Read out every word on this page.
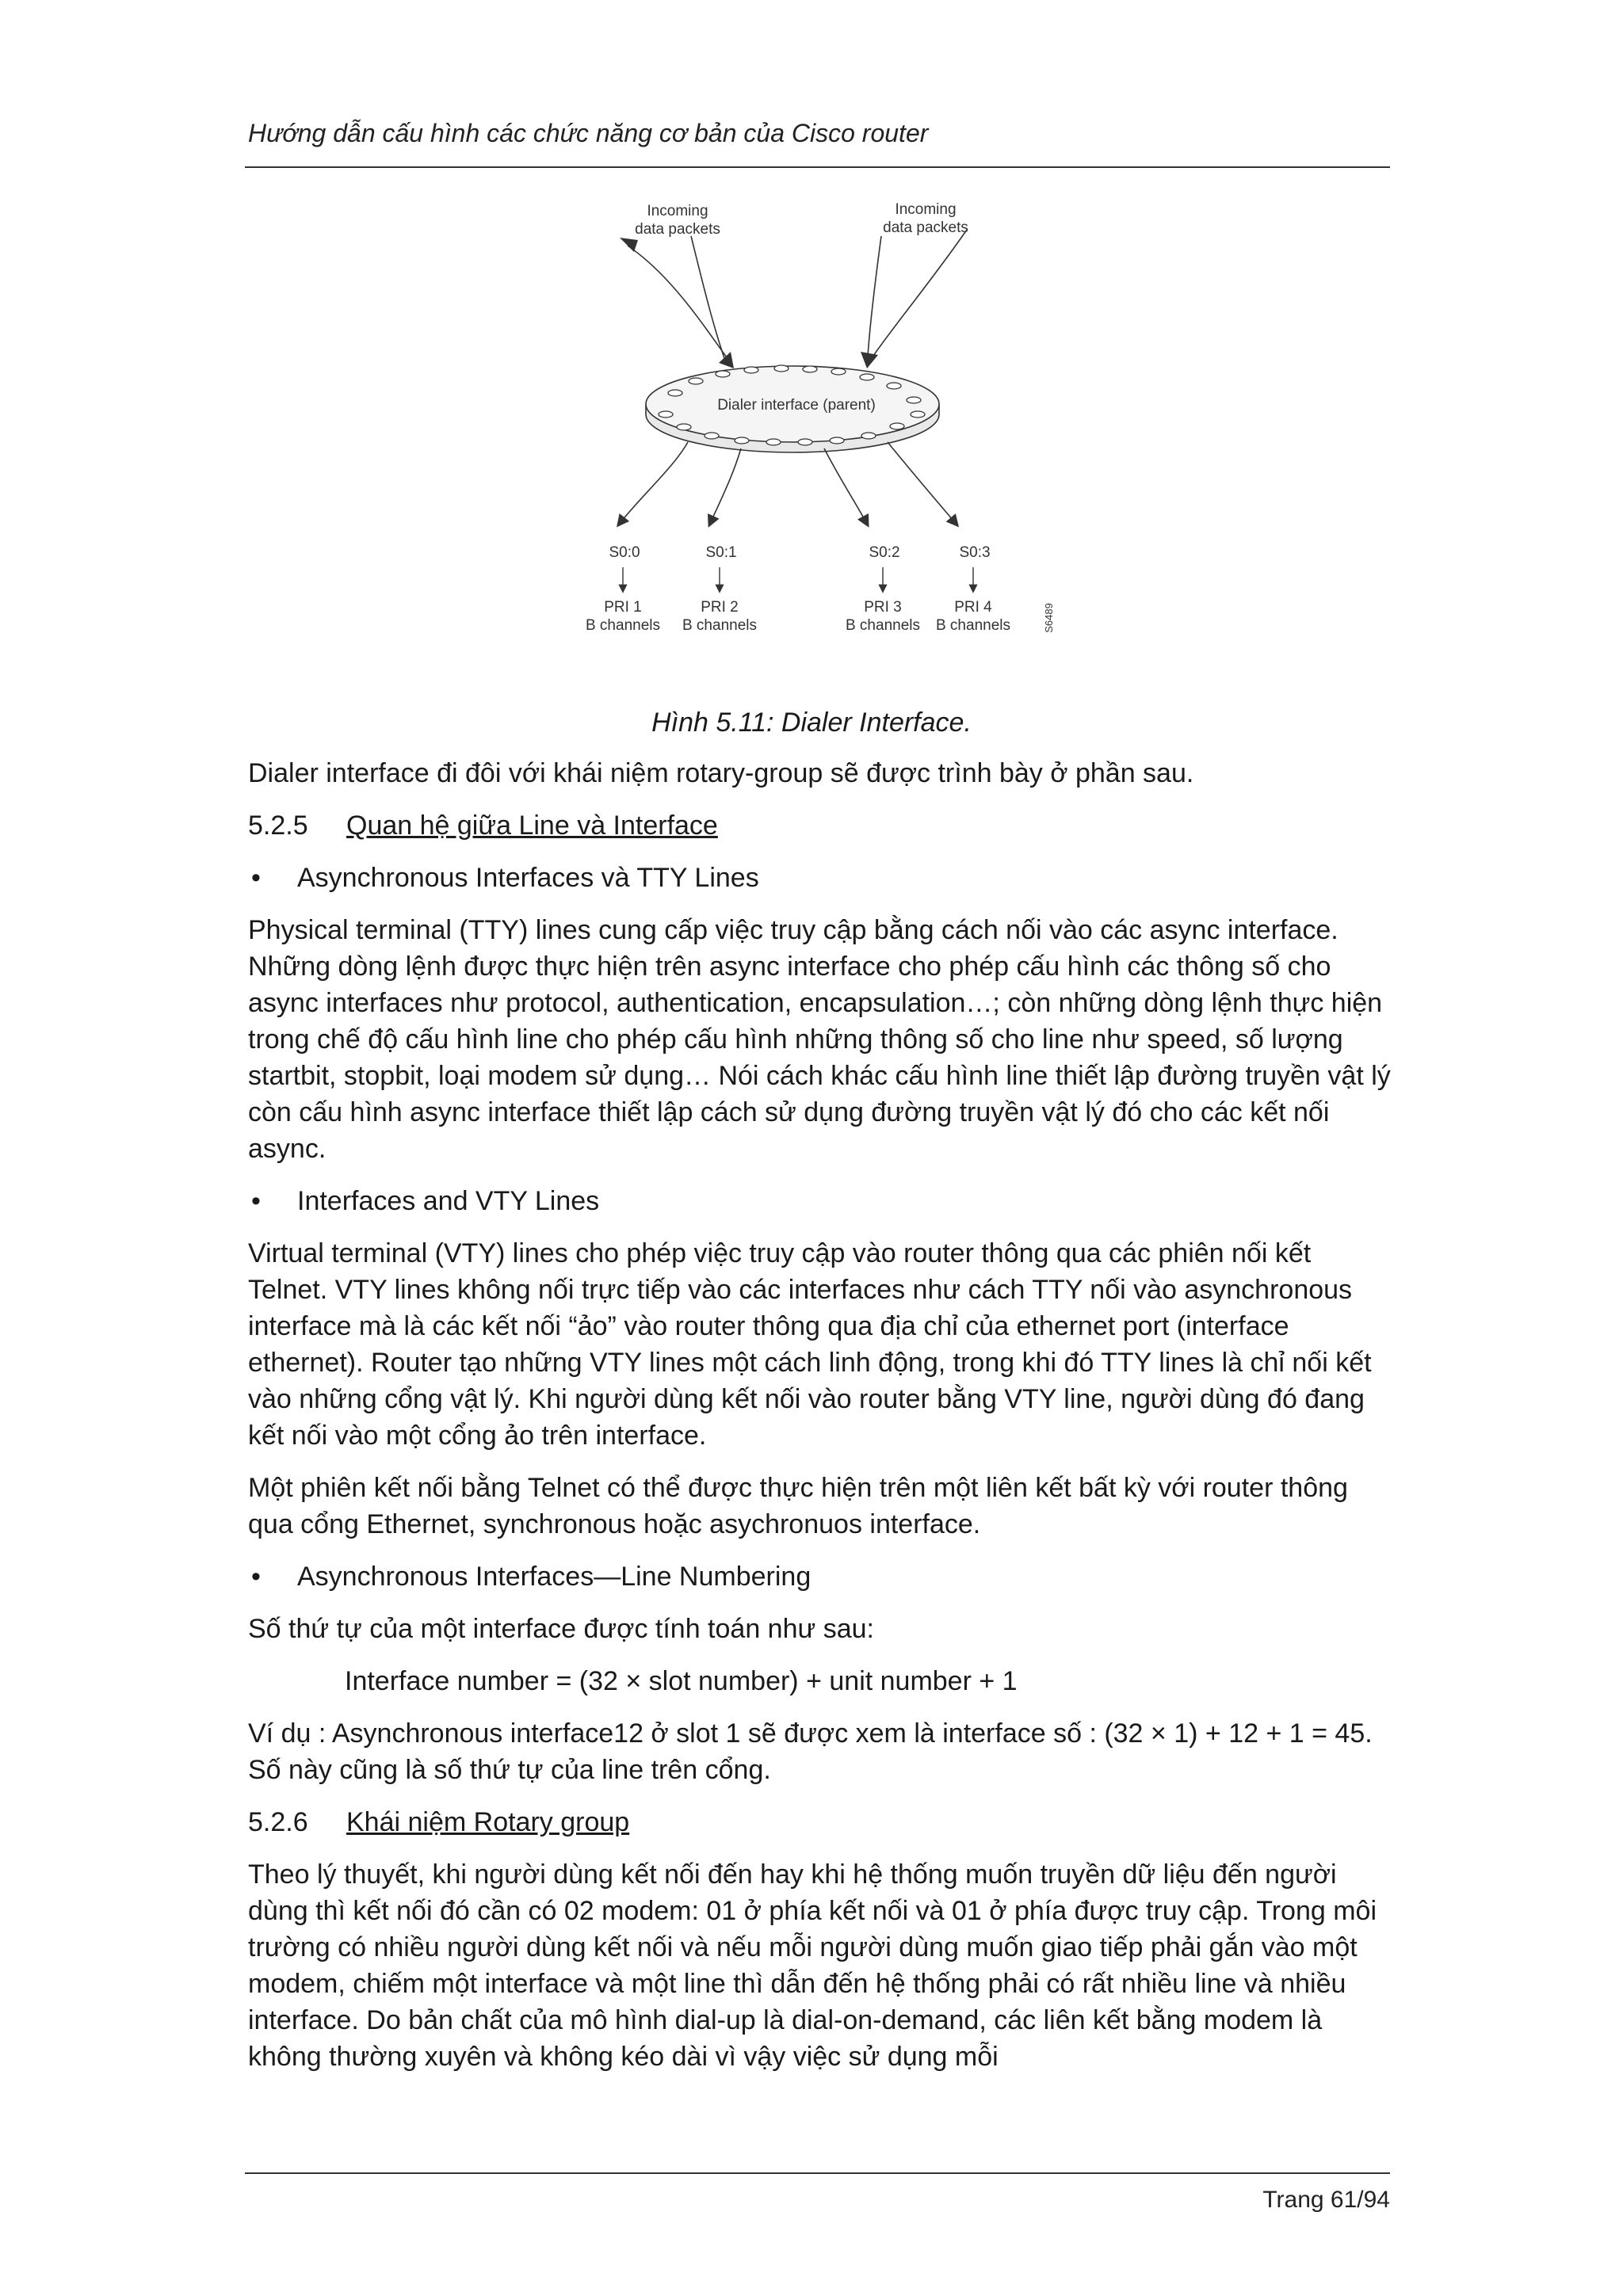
Hướng dẫn cấu hình các chức năng cơ bản của Cisco router
Incoming
data packets
Incoming
data packets
Dialer interface (parent)
S0:0	S0:1	S0:2	S0:3
PRI 1	PRI 2	PRI 3	PRI 4
B channels B channels	B channels B channels	S6489
Hình 5.11: Dialer Interface.

Dialer interface đi đôi với khái niệm rotary-group sẽ được trình bày ở phần sau.

5.2.5 Quan hệ giữa Line và Interface
• Asynchronous Interfaces và TTY Lines

Physical terminal (TTY) lines cung cấp việc truy cập bằng cách nối vào các async interface. Những dòng lệnh được thực hiện trên async interface cho phép cấu hình các thông số cho async interfaces như protocol, authentication, encapsulation…; còn những dòng lệnh thực hiện trong chế độ cấu hình line cho phép cấu hình những thông số cho line như speed, số lượng startbit, stopbit, loại modem sử dụng… Nói cách khác cấu hình line thiết lập đường truyền vật lý còn cấu hình async interface thiết lập cách sử dụng đường truyền vật lý đó cho các kết nối async.

• Interfaces and VTY Lines

Virtual terminal (VTY) lines cho phép việc truy cập vào router thông qua các phiên nối kết Telnet. VTY lines không nối trực tiếp vào các interfaces như cách TTY nối vào asynchronous interface mà là các kết nối “ảo” vào router thông qua địa chỉ của ethernet port (interface ethernet). Router tạo những VTY lines một cách linh động, trong khi đó TTY lines là chỉ nối kết vào những cổng vật lý. Khi người dùng kết nối vào router bằng VTY line, người dùng đó đang kết nối vào một cổng ảo trên interface.

Một phiên kết nối bằng Telnet có thể được thực hiện trên một liên kết bất kỳ với router thông qua cổng Ethernet, synchronous hoặc asychronuos interface.

• Asynchronous Interfaces—Line Numbering

Số thứ tự của một interface được tính toán như sau:

Interface number = (32 × slot number) + unit number + 1

Ví dụ : Asynchronous interface12 ở slot 1 sẽ được xem là interface số : (32 × 1) + 12 + 1 = 45. Số này cũng là số thứ tự của line trên cổng.

5.2.6 Khái niệm Rotary group

Theo lý thuyết, khi người dùng kết nối đến hay khi hệ thống muốn truyền dữ liệu đến người dùng thì kết nối đó cần có 02 modem: 01 ở phía kết nối và 01 ở phía được truy cập. Trong môi trường có nhiều người dùng kết nối và nếu mỗi người dùng muốn giao tiếp phải gắn vào một modem, chiếm một interface và một line thì dẫn đến hệ thống phải có rất nhiều line và nhiều interface. Do bản chất của mô hình dial-up là dial-on-demand, các liên kết bằng modem là không thường xuyên và không kéo dài vì vậy việc sử dụng mỗi

Trang 61/94
